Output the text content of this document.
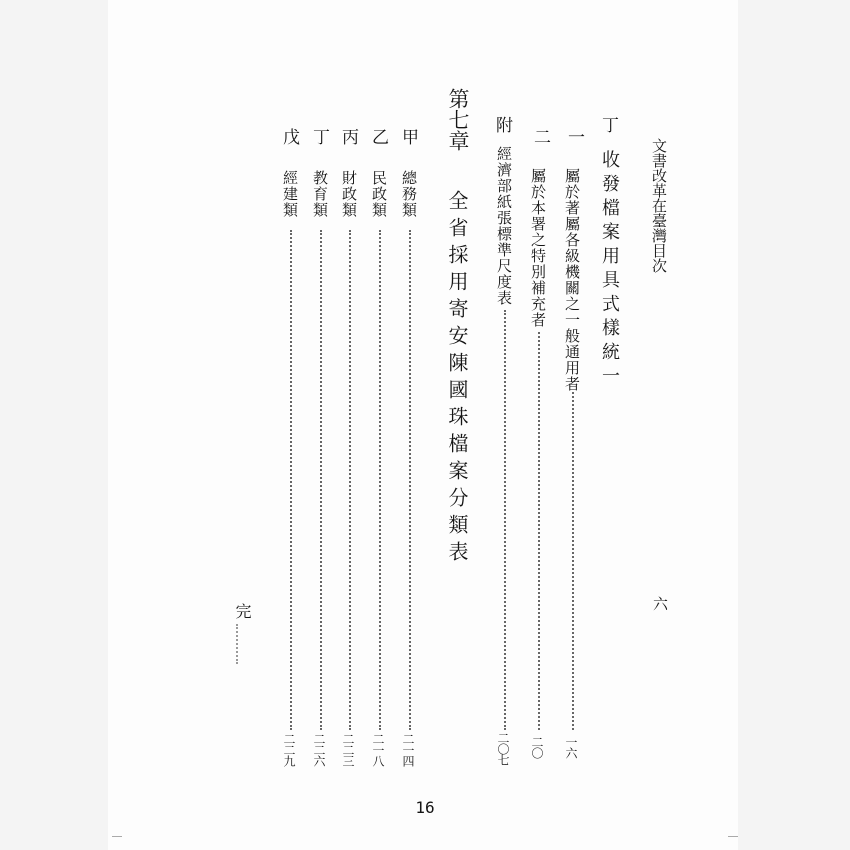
文書改革在臺灣
目次
六
丁
收發檔案用具式樣統一
一
屬於著屬各級機關之一般通用者
一六
二
屬於本署之特別補充者
二〇
附
經濟部紙張標準尺度表
二〇七
第七章
全省採用寄安陳國珠檔案分類表
甲
總務類
二一四
乙
民政類
二一八
丙
財政類
二二三
丁
教育類
二二六
戊
經建類
二二九
完
16
